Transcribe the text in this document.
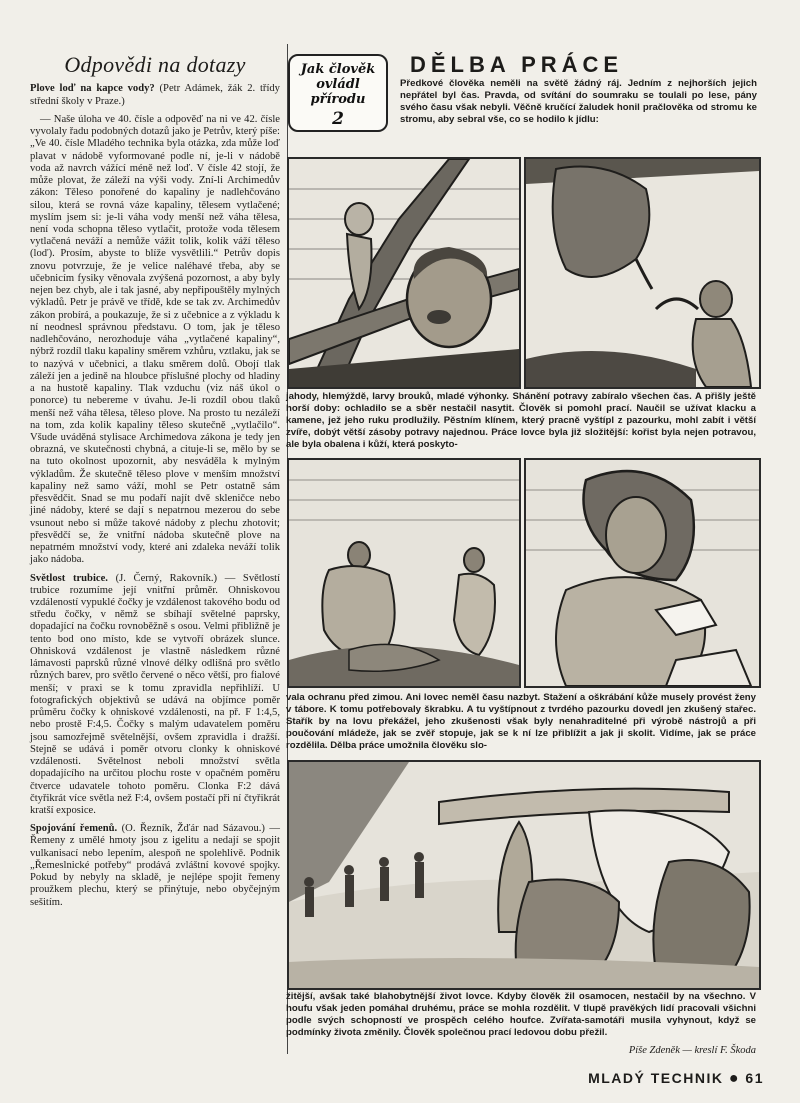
Odpovědi na dotazy

Plove loď na kapce vody? (Petr Adámek, žák 2. třídy střední školy v Praze.)

— Naše úloha ve 40. čísle a odpověď na ni ve 42. čísle vyvolaly řadu podobných dotazů jako je Petrův, který píše: „Ve 40. čísle Mladého technika byla otázka, zda může loď plavat v nádobě vyformované podle ní, je-li v nádobě voda až navrch vážící méně než loď. V čísle 42 stojí, že může plovat, že záleží na výši vody. Zní-li Archimedův zákon: Těleso ponořené do kapaliny je nadlehčováno silou, která se rovná váze kapaliny, tělesem vytlačené; myslím jsem si: je-li váha vody menší než váha tělesa, není voda schopna těleso vytlačit, protože voda tělesem vytlačená neváží a nemůže vážit tolik, kolik váží těleso (loď). Prosím, abyste to blíže vysvětlili.“ Petrův dopis znovu potvrzuje, že je velice naléhavé třeba, aby se učebnicím fysiky věnovala zvýšená pozornost, a aby byly nejen bez chyb, ale i tak jasné, aby nepřipouštěly mylných výkladů. Petr je právě ve třídě, kde se tak zv. Archimedův zákon probírá, a poukazuje, že si z učebnice a z výkladu k ní neodnesl správnou představu. O tom, jak je těleso nadlehčováno, nerozhoduje váha „vytlačené kapaliny“, nýbrž rozdíl tlaku kapaliny směrem vzhůru, vztlaku, jak se to nazývá v učebnici, a tlaku směrem dolů. Obojí tlak záleží jen a jedině na hloubce příslušné plochy od hladiny a na hustotě kapaliny. Tlak vzduchu (viz náš úkol o ponorce) tu nebereme v úvahu. Je-li rozdíl obou tlaků menší než váha tělesa, těleso plove. Na prosto tu nezáleží na tom, zda kolik kapaliny těleso skutečně „vytlačilo“. Všude uváděná stylisace Archimedova zákona je tedy jen obrazná, ve skutečnosti chybná, a cituje-li se, mělo by se na tuto okolnost upozornit, aby nesváděla k mylným výkladům. Že skutečně těleso plove v menším množství kapaliny než samo váží, mohl se Petr ostatně sám přesvědčit. Snad se mu podaří najít dvě skleničce nebo jiné nádoby, které se dají s nepatrnou mezerou do sebe vsunout nebo si může takové nádoby z plechu zhotovit; přesvědčí se, že vnitřní nádoba skutečně plove na nepatrném množství vody, které ani zdaleka neváží tolik jako nádoba.

Světlost trubice. (J. Černý, Rakovník.) — Světlostí trubice rozumíme její vnitřní průměr. Ohniskovou vzdáleností vypuklé čočky je vzdálenost takového bodu od středu čočky, v němž se sbíhají světelné paprsky, dopadající na čočku rovnoběžně s osou. Velmi přibližně je tento bod ono místo, kde se vytvoří obrázek slunce. Ohnisková vzdálenost je vlastně následkem různé lámavosti paprsků různé vlnové délky odlišná pro světlo různých barev, pro světlo červené o něco větší, pro fialové menší; v praxi se k tomu zpravidla nepřihlíží. U fotografických objektivů se udává na objímce poměr průměru čočky k ohniskové vzdálenosti, na př. F 1:4,5, nebo prostě F:4,5. Čočky s malým udavatelem poměru jsou samozřejmě světelnější, ovšem zpravidla i dražší. Stejně se udává i poměr otvoru clonky k ohniskové vzdálenosti. Světelnost neboli množství světla dopadajícího na určitou plochu roste v opačném poměru čtverce udavatele tohoto poměru. Clonka F:2 dává čtyřikrát více světla než F:4, ovšem postačí při ní čtyřikrát kratší exposice.

Spojování řemenů. (O. Řezník, Žďár nad Sázavou.) — Řemeny z umělé hmoty jsou z igelitu a nedají se spojit vulkanisací nebo lepením, alespoň ne spolehlivě. Podnik „Řemeslnické potřeby“ prodává zvláštní kovové spojky. Pokud by nebyly na skladě, je nejlépe spojit řemeny proužkem plechu, který se přinýtuje, nebo obyčejným sešitím.

Jak člověk
ovládl přírodu
2
DĚLBA PRÁCE
Předkové člověka neměli na světě žádný ráj. Jedním z nejhorších jejich nepřátel byl čas. Pravda, od svítání do soumraku se toulali po lese, pány svého času však nebyli. Věčně kručící žaludek honil pračlověka od stromu ke stromu, aby sebral vše, co se hodilo k jídlu:
jahody, hlemýždě, larvy brouků, mladé výhonky. Shánění potravy zabíralo všechen čas. A přišly ještě horší doby: ochladilo se a sběr nestačil nasytit. Člověk si pomohl prací. Naučil se užívat klacku a kamene, jež jeho ruku prodlužily. Pěstním klínem, který pracně vyštípl z pazourku, mohl zabít i větší zvíře, dobýt větší zásoby potravy najednou. Práce lovce byla již složitější: kořist byla nejen potravou, ale byla obalena i kůží, která poskyto-
vala ochranu před zimou. Ani lovec neměl času nazbyt. Stažení a oškrábání kůže musely provést ženy v tábore. K tomu potřebovaly škrabku. A tu vyštípnout z tvrdého pazourku dovedl jen zkušený stařec. Stařík by na lovu překážel, jeho zkušenosti však byly nenahraditelné při výrobě nástrojů a při poučování mládeže, jak se zvěř stopuje, jak se k ní lze přiblížit a jak ji skolit. Vidíme, jak se práce rozdělila. Dělba práce umožnila člověku slo-
žitější, avšak také blahobytnější život lovce. Kdyby člověk žil osamocen, nestačil by na všechno. V houfu však jeden pomáhal druhému, práce se mohla rozdělit. V tlupě pravěkých lidí pracovali všichni podle svých schopností ve prospěch celého houfce. Zvířata-samotáři musila vyhynout, když se podmínky života změnily. Člověk společnou prací ledovou dobu přežil.
Píše Zdeněk — kreslí F. Škoda
MLADÝ TECHNIK ● 61
